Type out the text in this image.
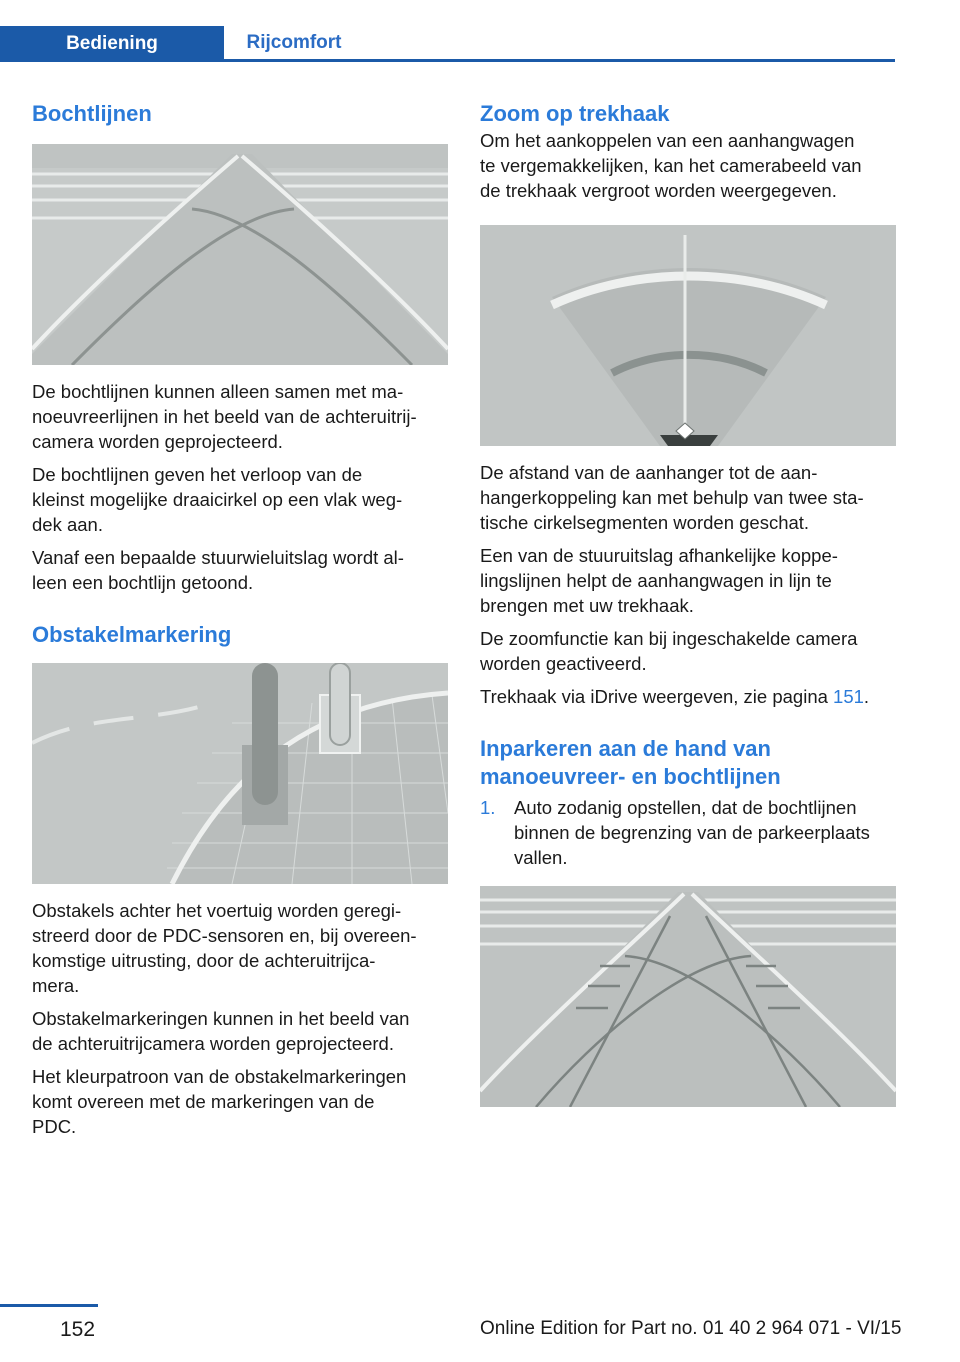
Bediening	Rijcomfort
Bochtlijnen

De bochtlijnen kunnen alleen samen met ma-
noeuvreerlijnen in het beeld van de achteruitrij-
camera worden geprojecteerd.

De bochtlijnen geven het verloop van de
kleinst mogelijke draaicirkel op een vlak weg-
dek aan.

Vanaf een bepaalde stuurwieluitslag wordt al-
leen een bochtlijn getoond.

Obstakelmarkering

Obstakels achter het voertuig worden geregi-
streerd door de PDC-sensoren en, bij overeen-
komstige uitrusting, door de achteruitrijca-
mera.

Obstakelmarkeringen kunnen in het beeld van
de achteruitrijcamera worden geprojecteerd.

Het kleurpatroon van de obstakelmarkeringen
komt overeen met de markeringen van de
PDC.

Zoom op trekhaak

Om het aankoppelen van een aanhangwagen
te vergemakkelijken, kan het camerabeeld van
de trekhaak vergroot worden weergegeven.

De afstand van de aanhanger tot de aan-
hangerkoppeling kan met behulp van twee sta-
tische cirkelsegmenten worden geschat.

Een van de stuuruitslag afhankelijke koppe-
lingslijnen helpt de aanhangwagen in lijn te
brengen met uw trekhaak.

De zoomfunctie kan bij ingeschakelde camera
worden geactiveerd.

Trekhaak via iDrive weergeven, zie pagina 151.

Inparkeren aan de hand van
manoeuvreer- en bochtlijnen
1. Auto zodanig opstellen, dat de bochtlijnen
binnen de begrenzing van de parkeerplaats
vallen.
152	Online Edition for Part no. 01 40 2 964 071 - VI/15
